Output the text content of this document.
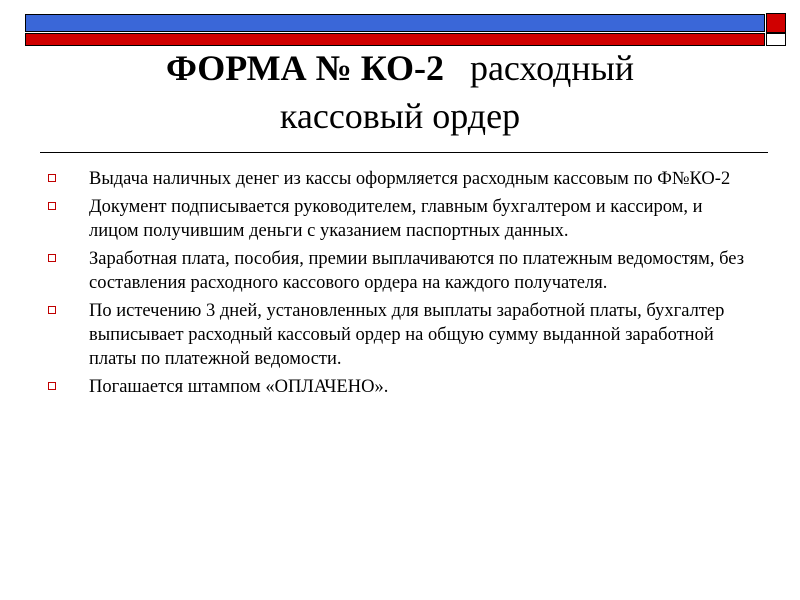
ФОРМА № КО-2 расходный
кассовый ордер
Выдача наличных денег из кассы оформляется расходным кассовым по Ф№КО-2
Документ подписывается руководителем, главным бухгалтером и кассиром, и лицом получившим деньги с указанием паспортных данных.
Заработная плата, пособия, премии выплачиваются по платежным ведомостям, без составления расходного кассового ордера на каждого получателя.
По истечению 3 дней, установленных для выплаты заработной платы, бухгалтер выписывает расходный кассовый ордер на общую сумму выданной заработной платы по платежной ведомости.
Погашается штампом «ОПЛАЧЕНО».
